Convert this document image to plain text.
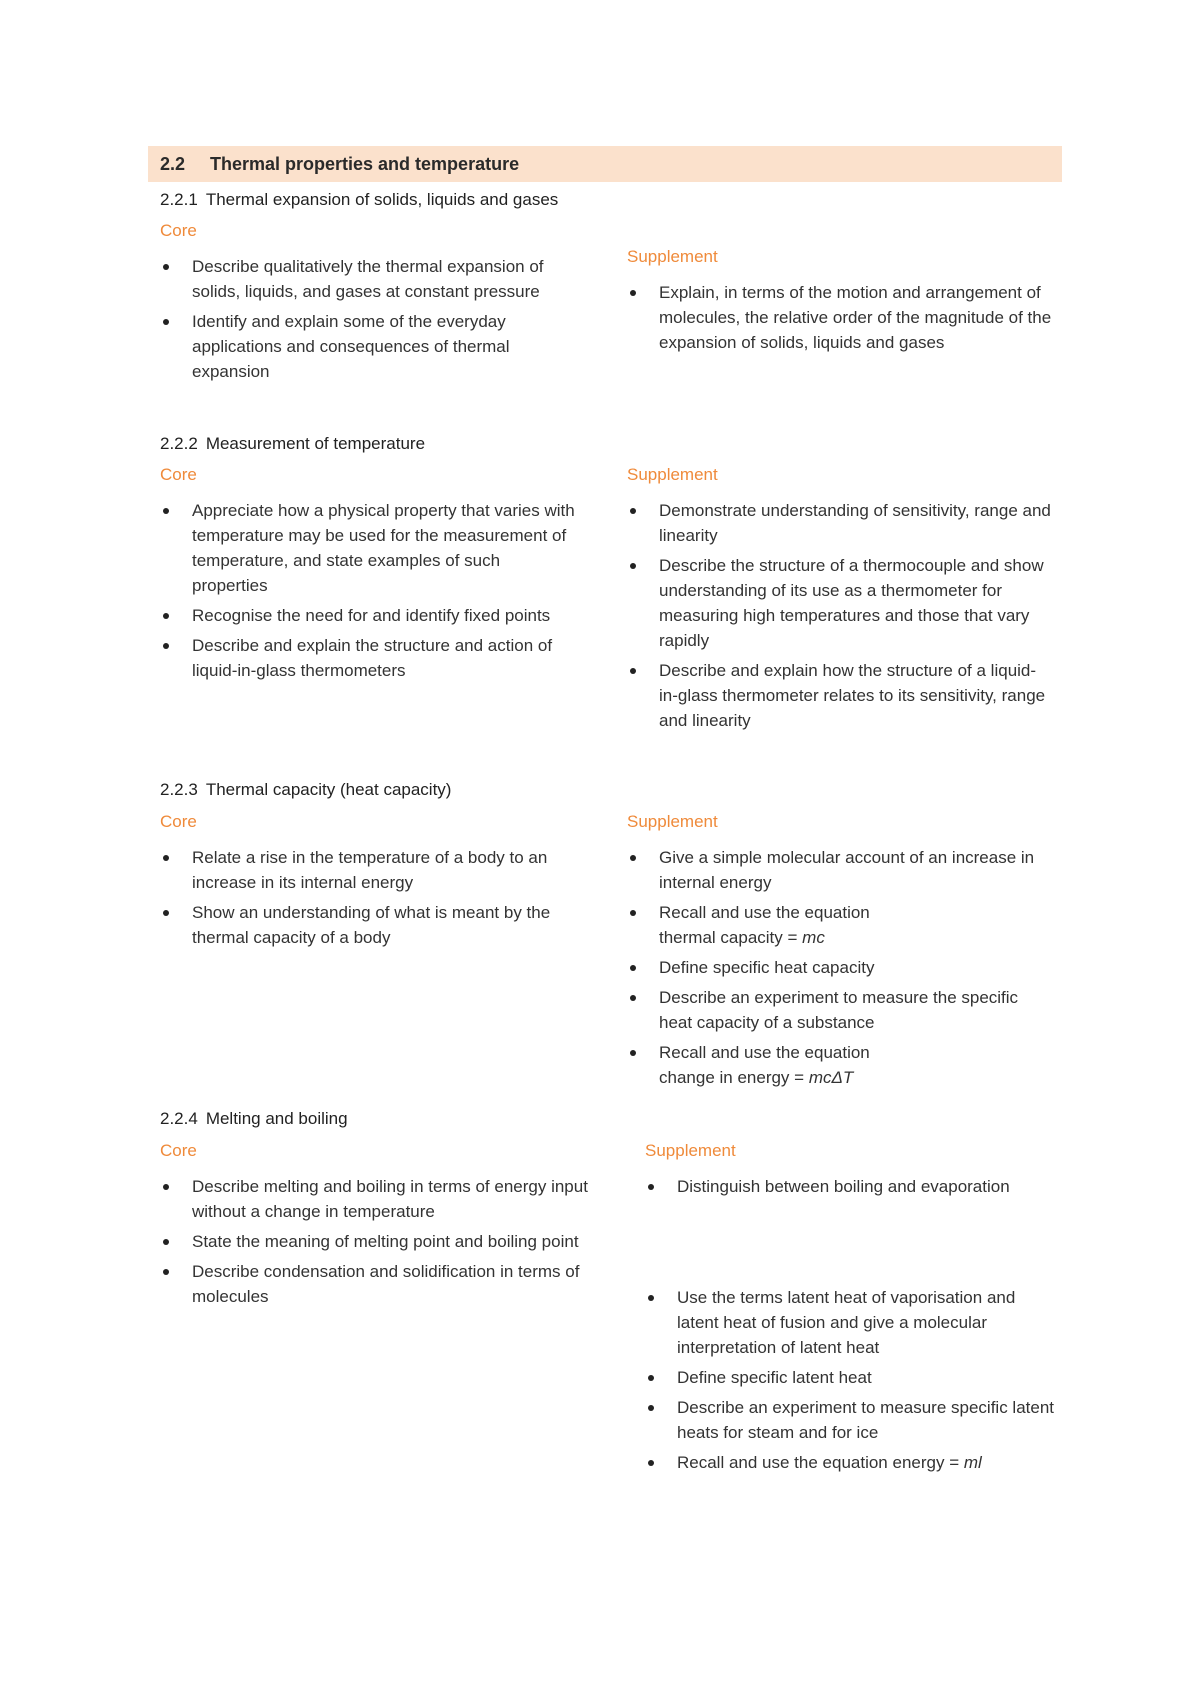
2.2	Thermal properties and temperature
2.2.1 Thermal expansion of solids, liquids and gases
Core
Describe qualitatively the thermal expansion of solids, liquids, and gases at constant pressure
Identify and explain some of the everyday applications and consequences of thermal expansion
Supplement
Explain, in terms of the motion and arrangement of molecules, the relative order of the magnitude of the expansion of solids, liquids and gases
2.2.2 Measurement of temperature
Core
Appreciate how a physical property that varies with temperature may be used for the measurement of temperature, and state examples of such properties
Recognise the need for and identify fixed points
Describe and explain the structure and action of liquid-in-glass thermometers
Supplement
Demonstrate understanding of sensitivity, range and linearity
Describe the structure of a thermocouple and show understanding of its use as a thermometer for measuring high temperatures and those that vary rapidly
Describe and explain how the structure of a liquid-in-glass thermometer relates to its sensitivity, range and linearity
2.2.3 Thermal capacity (heat capacity)
Core
Relate a rise in the temperature of a body to an increase in its internal energy
Show an understanding of what is meant by the thermal capacity of a body
Supplement
Give a simple molecular account of an increase in internal energy
Recall and use the equation
thermal capacity = mc
Define specific heat capacity
Describe an experiment to measure the specific heat capacity of a substance
Recall and use the equation
change in energy = mcΔT
2.2.4 Melting and boiling
Core
Describe melting and boiling in terms of energy input without a change in temperature
State the meaning of melting point and boiling point
Describe condensation and solidification in terms of molecules
Supplement
Distinguish between boiling and evaporation
Use the terms latent heat of vaporisation and latent heat of fusion and give a molecular interpretation of latent heat
Define specific latent heat
Describe an experiment to measure specific latent heats for steam and for ice
Recall and use the equation energy = ml
